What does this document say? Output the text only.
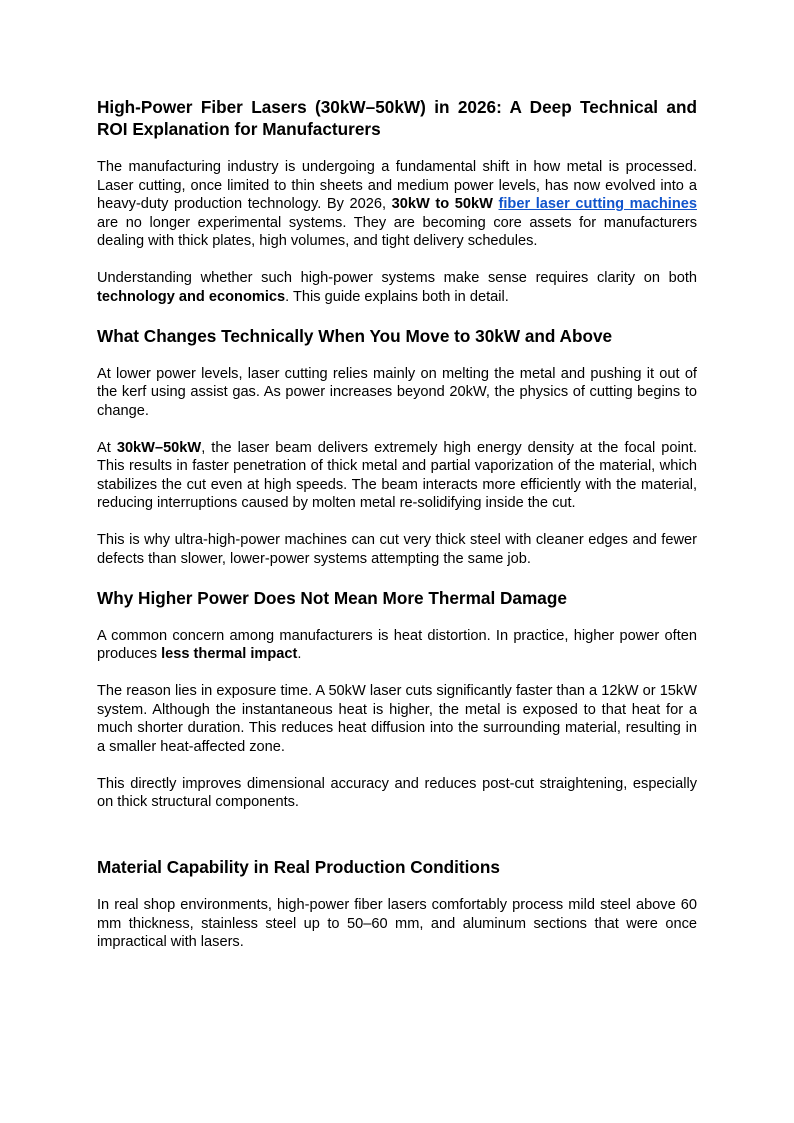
High-Power Fiber Lasers (30kW–50kW) in 2026: A Deep Technical and ROI Explanation for Manufacturers

The manufacturing industry is undergoing a fundamental shift in how metal is processed. Laser cutting, once limited to thin sheets and medium power levels, has now evolved into a heavy-duty production technology. By 2026, 30kW to 50kW fiber laser cutting machines are no longer experimental systems. They are becoming core assets for manufacturers dealing with thick plates, high volumes, and tight delivery schedules.

Understanding whether such high-power systems make sense requires clarity on both technology and economics. This guide explains both in detail.

What Changes Technically When You Move to 30kW and Above

At lower power levels, laser cutting relies mainly on melting the metal and pushing it out of the kerf using assist gas. As power increases beyond 20kW, the physics of cutting begins to change.

At 30kW–50kW, the laser beam delivers extremely high energy density at the focal point. This results in faster penetration of thick metal and partial vaporization of the material, which stabilizes the cut even at high speeds. The beam interacts more efficiently with the material, reducing interruptions caused by molten metal re-solidifying inside the cut.

This is why ultra-high-power machines can cut very thick steel with cleaner edges and fewer defects than slower, lower-power systems attempting the same job.

Why Higher Power Does Not Mean More Thermal Damage

A common concern among manufacturers is heat distortion. In practice, higher power often produces less thermal impact.

The reason lies in exposure time. A 50kW laser cuts significantly faster than a 12kW or 15kW system. Although the instantaneous heat is higher, the metal is exposed to that heat for a much shorter duration. This reduces heat diffusion into the surrounding material, resulting in a smaller heat-affected zone.

This directly improves dimensional accuracy and reduces post-cut straightening, especially on thick structural components.

Material Capability in Real Production Conditions

In real shop environments, high-power fiber lasers comfortably process mild steel above 60 mm thickness, stainless steel up to 50–60 mm, and aluminum sections that were once impractical with lasers.
